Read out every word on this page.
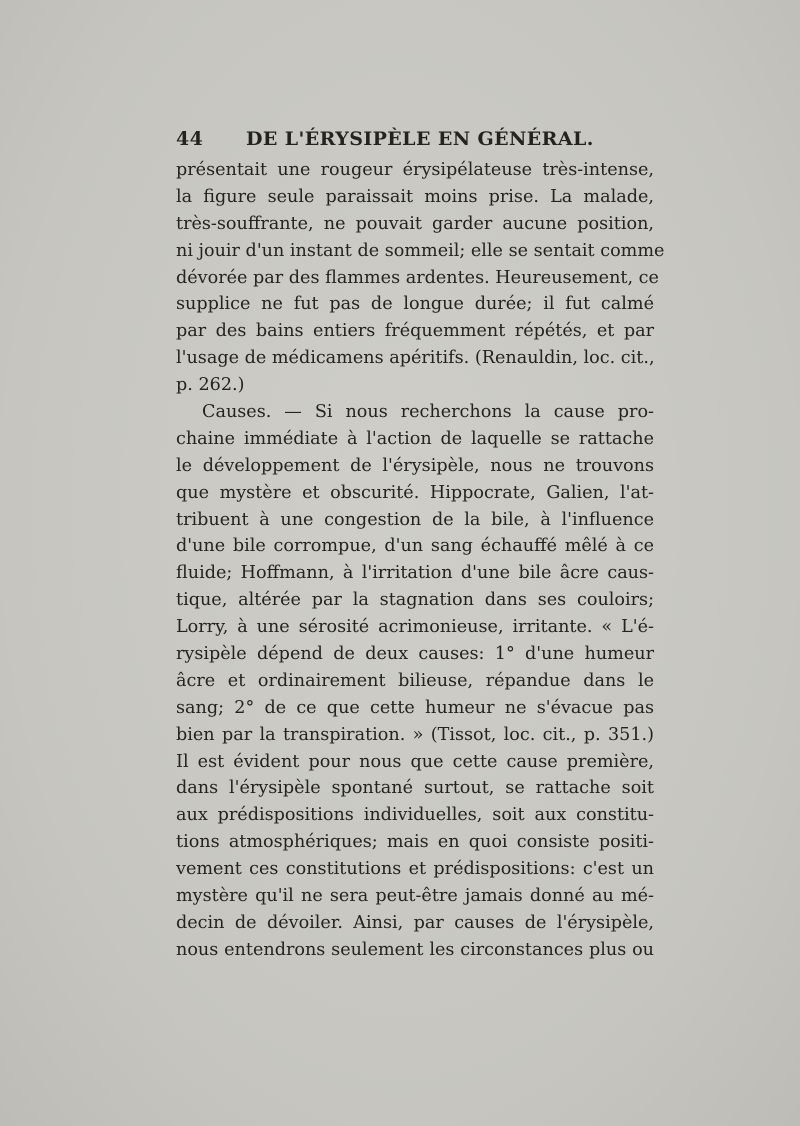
44	DE L'ÉRYSIPÈLE EN GÉNÉRAL.
présentait une rougeur érysipélateuse très-intense,
la figure seule paraissait moins prise. La malade,
très-souffrante, ne pouvait garder aucune position,
ni jouir d'un instant de sommeil; elle se sentait comme
dévorée par des flammes ardentes. Heureusement, ce
supplice ne fut pas de longue durée; il fut calmé
par des bains entiers fréquemment répétés, et par
l'usage de médicamens apéritifs. (Renauldin, loc. cit.,
p. 262.)
Causes. — Si nous recherchons la cause pro-
chaine immédiate à l'action de laquelle se rattache
le développement de l'érysipèle, nous ne trouvons
que mystère et obscurité. Hippocrate, Galien, l'at-
tribuent à une congestion de la bile, à l'influence
d'une bile corrompue, d'un sang échauffé mêlé à ce
fluide; Hoffmann, à l'irritation d'une bile âcre caus-
tique, altérée par la stagnation dans ses couloirs;
Lorry, à une sérosité acrimonieuse, irritante. « L'é-
rysipèle dépend de deux causes: 1° d'une humeur
âcre et ordinairement bilieuse, répandue dans le
sang; 2° de ce que cette humeur ne s'évacue pas
bien par la transpiration. » (Tissot, loc. cit., p. 351.)
Il est évident pour nous que cette cause première,
dans l'érysipèle spontané surtout, se rattache soit
aux prédispositions individuelles, soit aux constitu-
tions atmosphériques; mais en quoi consiste positi-
vement ces constitutions et prédispositions: c'est un
mystère qu'il ne sera peut-être jamais donné au mé-
decin de dévoiler. Ainsi, par causes de l'érysipèle,
nous entendrons seulement les circonstances plus ou
